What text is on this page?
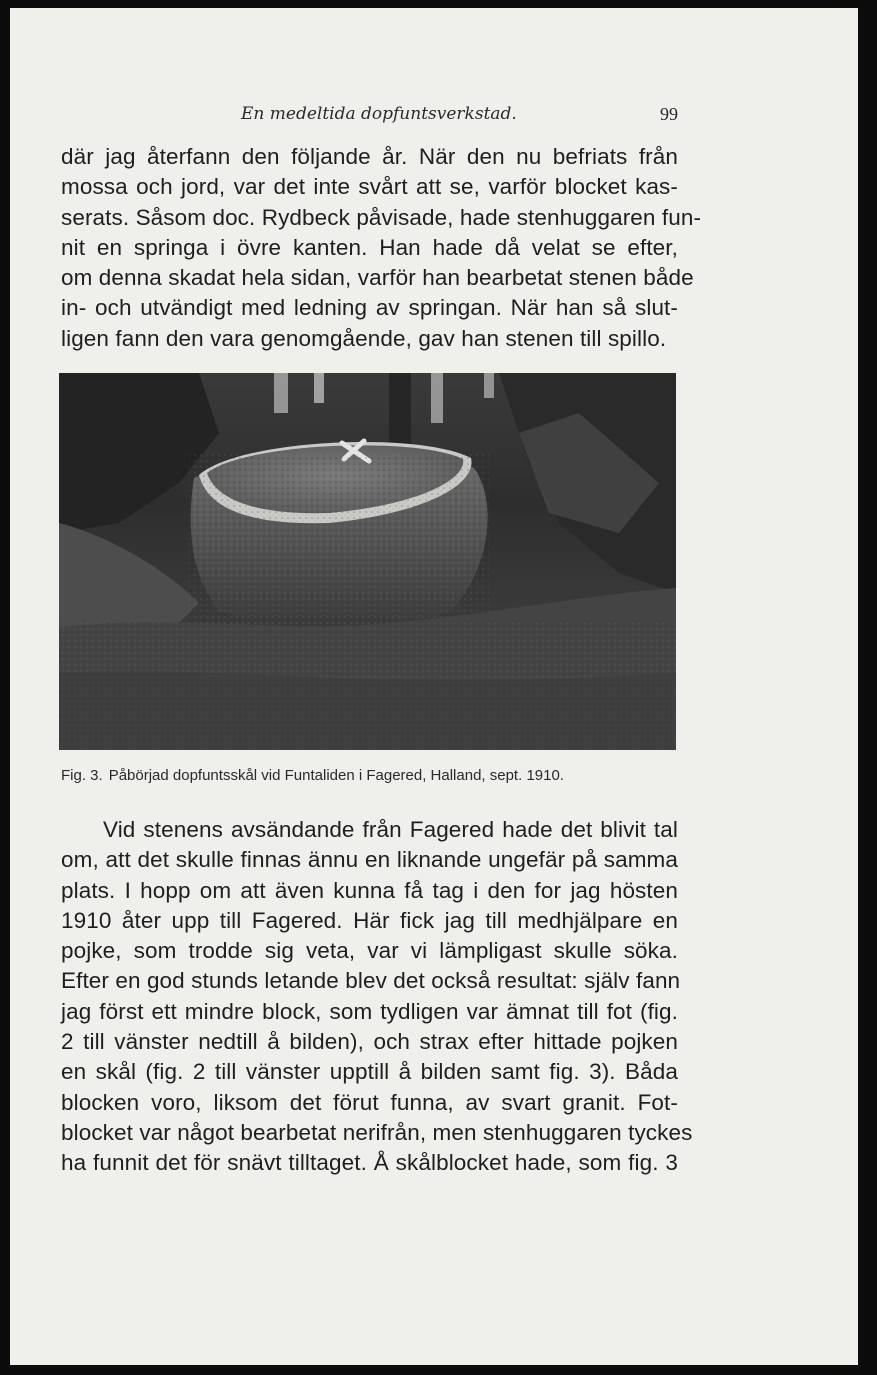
En medeltida dopfuntsverkstad.	99
där jag återfann den följande år. När den nu befriats från
mossa och jord, var det inte svårt att se, varför blocket kas-
serats. Såsom doc. Rydbeck påvisade, hade stenhuggaren fun-
nit en springa i övre kanten. Han hade då velat se efter,
om denna skadat hela sidan, varför han bearbetat stenen både
in- och utvändigt med ledning av springan. När han så slut-
ligen fann den vara genomgående, gav han stenen till spillo.
Fig. 3. Påbörjad dopfuntsskål vid Funtaliden i Fagered, Halland, sept. 1910.
Vid stenens avsändande från Fagered hade det blivit tal
om, att det skulle finnas ännu en liknande ungefär på samma
plats. I hopp om att även kunna få tag i den for jag hösten
1910 åter upp till Fagered. Här fick jag till medhjälpare en
pojke, som trodde sig veta, var vi lämpligast skulle söka.
Efter en god stunds letande blev det också resultat: själv fann
jag först ett mindre block, som tydligen var ämnat till fot (fig.
2 till vänster nedtill å bilden), och strax efter hittade pojken
en skål (fig. 2 till vänster upptill å bilden samt fig. 3). Båda
blocken voro, liksom det förut funna, av svart granit. Fot-
blocket var något bearbetat nerifrån, men stenhuggaren tyckes
ha funnit det för snävt tilltaget. Å skålblocket hade, som fig. 3
